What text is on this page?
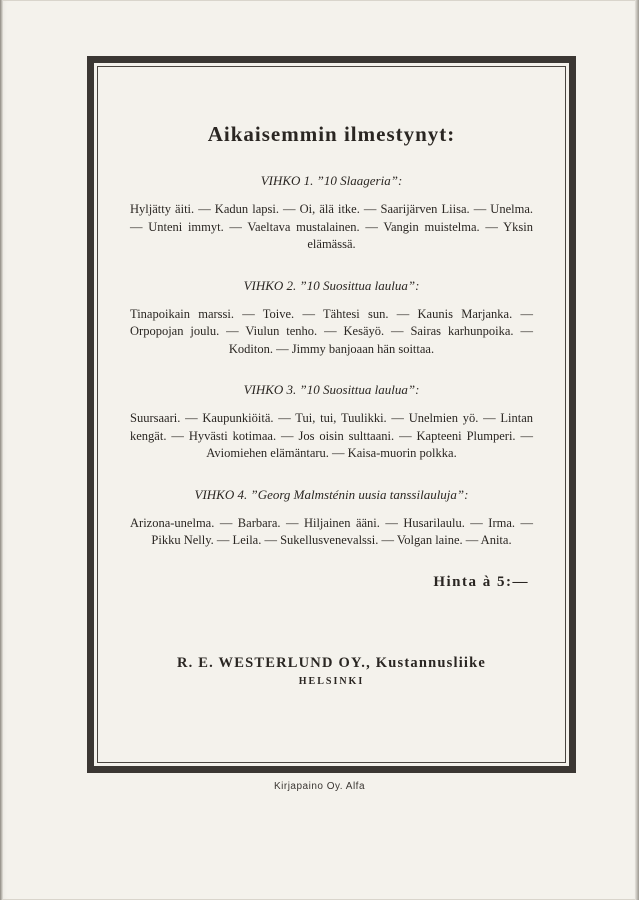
Aikaisemmin ilmestynyt:
VIHKO 1. ”10 Slaageria”:
Hyljätty äiti. — Kadun lapsi. — Oi, älä itke. — Saarijärven Liisa. — Unelma. — Unteni immyt. — Vaeltava mustalainen. — Vangin muistelma. — Yksin elämässä.
VIHKO 2. ”10 Suosittua laulua”:
Tinapoikain marssi. — Toive. — Tähtesi sun. — Kaunis Marjanka. — Orpopojan joulu. — Viulun tenho. — Kesäyö. — Sairas karhunpoika. — Koditon. — Jimmy banjoaan hän soittaa.
VIHKO 3. ”10 Suosittua laulua”:
Suursaari. — Kaupunkiöitä. — Tui, tui, Tuulikki. — Unelmien yö. — Lintan kengät. — Hyvästi kotimaa. — Jos oisin sulttaani. — Kapteeni Plumperi. — Aviomiehen elämäntaru. — Kaisa-muorin polkka.
VIHKO 4. ”Georg Malmsténin uusia tanssilauluja”:
Arizona-unelma. — Barbara. — Hiljainen ääni. — Husarilaulu. — Irma. — Pikku Nelly. — Leila. — Sukellusvenevalssi. — Volgan laine. — Anita.
Hinta à 5:—
R. E. WESTERLUND OY., Kustannusliike
HELSINKI
Kirjapaino Oy. Alfa
